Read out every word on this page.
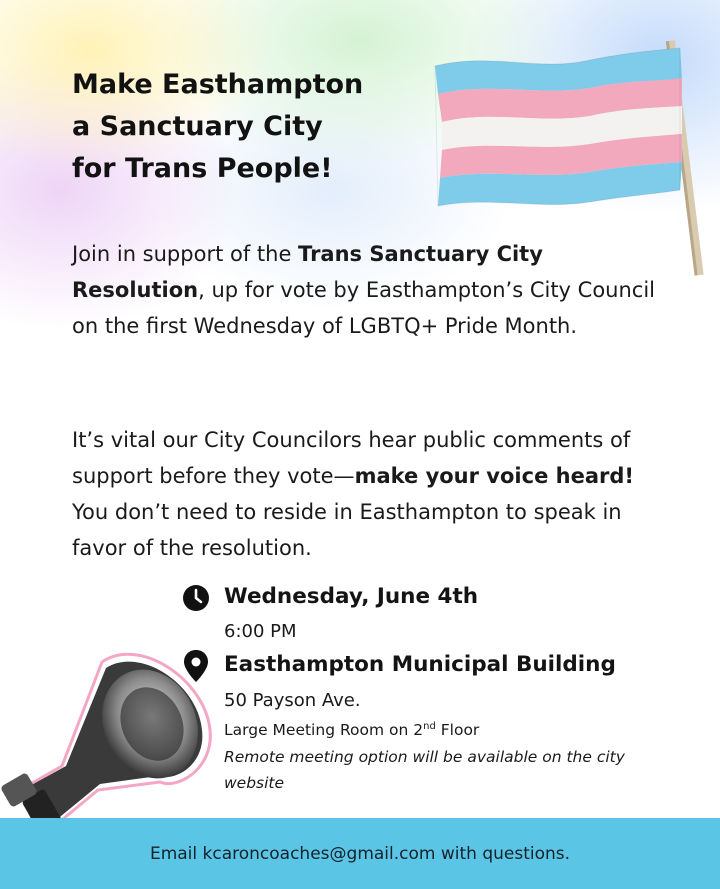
Make Easthampton
a Sanctuary City
for Trans People!

Join in support of the Trans Sanctuary City Resolution, up for vote by Easthampton’s City Council on the first Wednesday of LGBTQ+ Pride Month.

It’s vital our City Councilors hear public comments of support before they vote—make your voice heard! You don’t need to reside in Easthampton to speak in favor of the resolution.

Wednesday, June 4th

6:00 PM

Easthampton Municipal Building

50 Payson Ave.

Large Meeting Room on 2nd Floor

Remote meeting option will be available on the city website

Email kcaroncoaches@gmail.com with questions.
